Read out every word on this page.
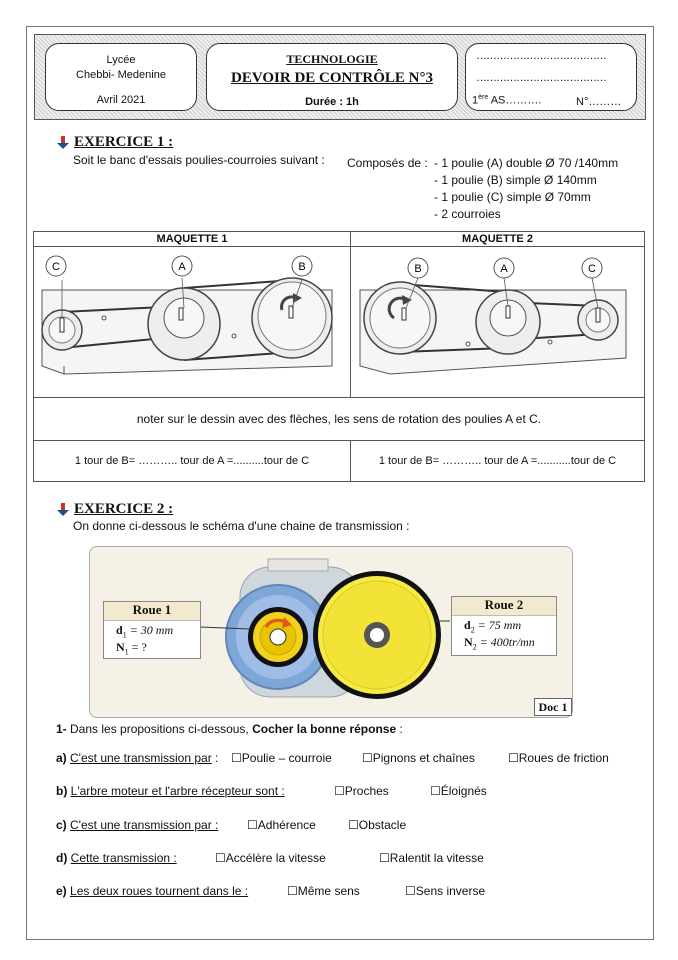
Lycée
Chebbi- Medenine
Avril 2021
TECHNOLOGIE
DEVOIR DE CONTRÔLE N°3
Durée : 1h
…………………………………
…………………………………
1ère AS……….	N°………
EXERCICE 1 :
Soit le banc d'essais poulies-courroies suivant : Composés de : - 1 poulie (A) double Ø 70 /140mm
- 1 poulie (B) simple Ø 140mm
- 1 poulie (C) simple Ø 70mm
- 2 courroies
MAQUETTE 1	MAQUETTE 2

noter sur le dessin avec des flèches, les sens de rotation des poulies A et C.	
1 tour de B= ……….. tour de A =..........tour de C	1 tour de B= ……….. tour de A =...........tour de C
C	A	B	B	A	C
EXERCICE 2 :
On donne ci-dessous le schéma d'une chaine de transmission :
Roue 1
$d_1 = 30$ mm
$N_1$ = ?
Roue 2
$d_2 = 75$ mm
$N_2 = 400tr/mn$
Doc 1
1- Dans les propositions ci-dessous, Cocher la bonne réponse :
a) C'est une transmission par :	☐ Poulie – courroie	☐ Pignons et chaînes	☐ Roues de friction
b) L'arbre moteur et l'arbre récepteur sont :	☐ Proches	☐ Éloignés
c) C'est une transmission par :	☐ Adhérence	☐ Obstacle
d) Cette transmission :	☐ Accélère la vitesse	☐ Ralentit la vitesse
e) Les deux roues tournent dans le :	☐ Même sens	☐ Sens inverse
